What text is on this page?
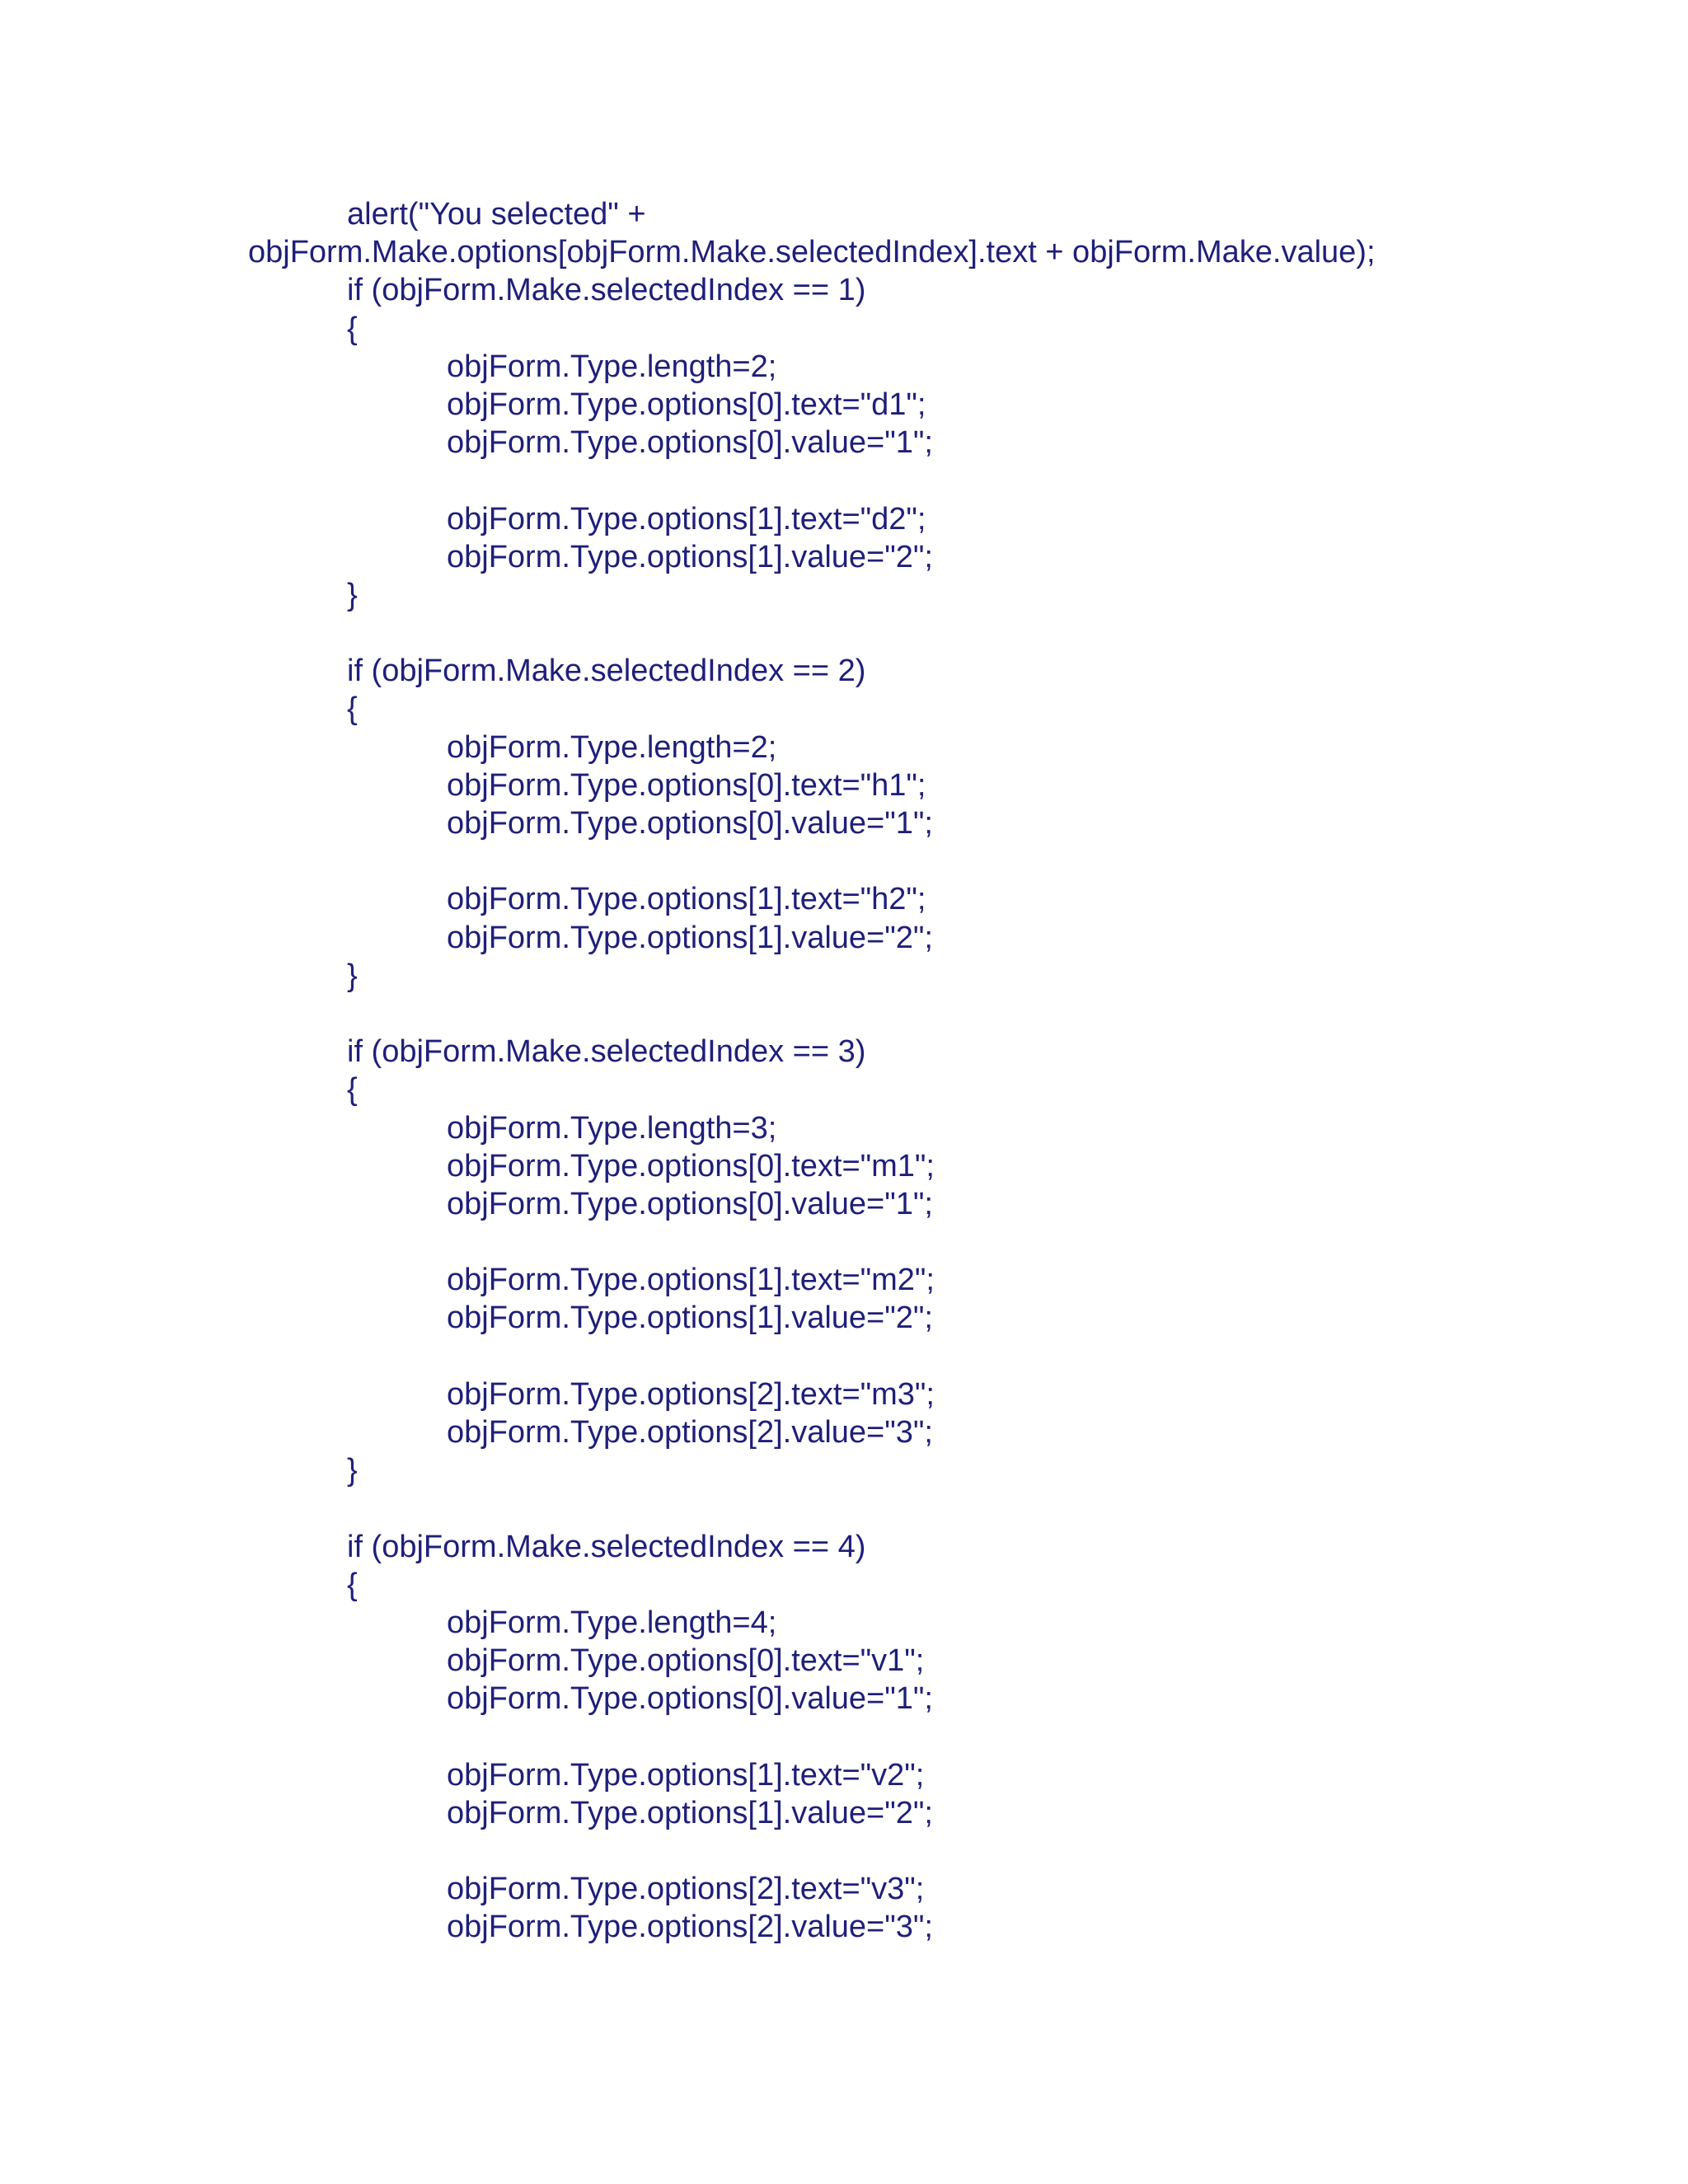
alert("You selected" +
objForm.Make.options[objForm.Make.selectedIndex].text + objForm.Make.value);
if (objForm.Make.selectedIndex == 1)
{
objForm.Type.length=2;
objForm.Type.options[0].text="d1";
objForm.Type.options[0].value="1";
objForm.Type.options[1].text="d2";
objForm.Type.options[1].value="2";
}
if (objForm.Make.selectedIndex == 2)
{
objForm.Type.length=2;
objForm.Type.options[0].text="h1";
objForm.Type.options[0].value="1";
objForm.Type.options[1].text="h2";
objForm.Type.options[1].value="2";
}
if (objForm.Make.selectedIndex == 3)
{
objForm.Type.length=3;
objForm.Type.options[0].text="m1";
objForm.Type.options[0].value="1";
objForm.Type.options[1].text="m2";
objForm.Type.options[1].value="2";
objForm.Type.options[2].text="m3";
objForm.Type.options[2].value="3";
}
if (objForm.Make.selectedIndex == 4)
{
objForm.Type.length=4;
objForm.Type.options[0].text="v1";
objForm.Type.options[0].value="1";
objForm.Type.options[1].text="v2";
objForm.Type.options[1].value="2";
objForm.Type.options[2].text="v3";
objForm.Type.options[2].value="3";
